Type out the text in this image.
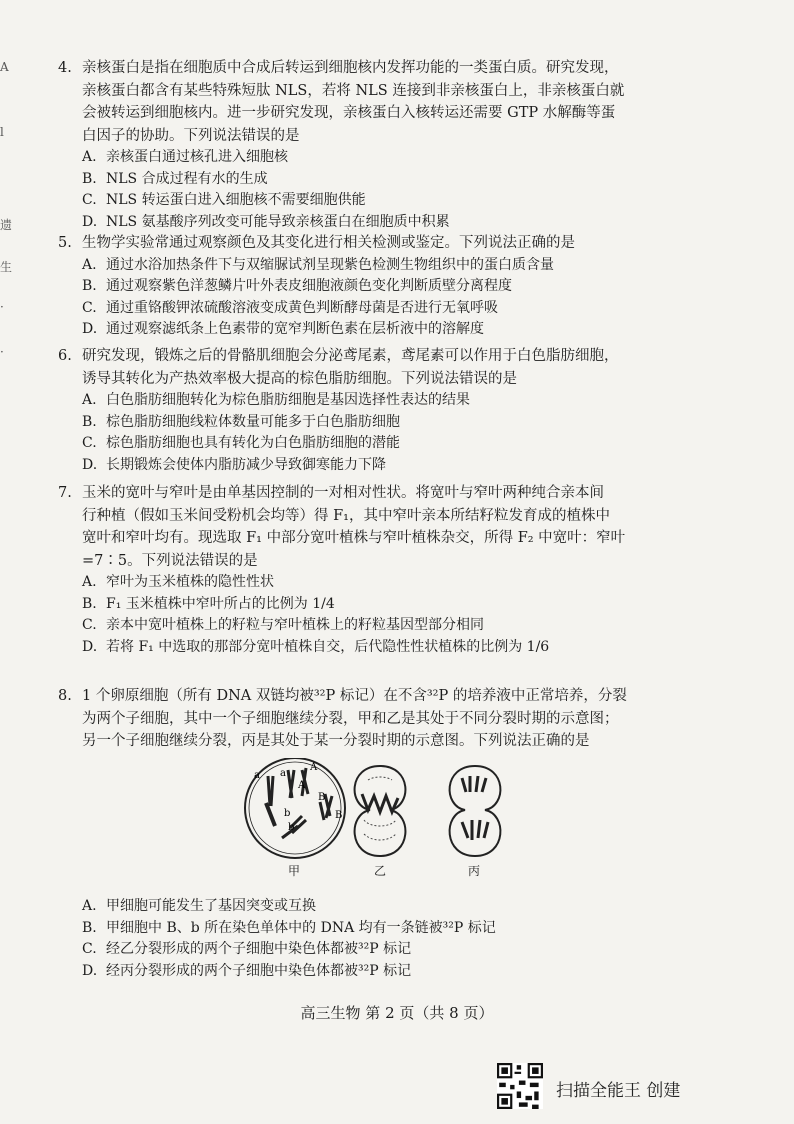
A
l
遗
生
·
·
4. 亲核蛋白是指在细胞质中合成后转运到细胞核内发挥功能的一类蛋白质。研究发现，
亲核蛋白都含有某些特殊短肽 NLS，若将 NLS 连接到非亲核蛋白上，非亲核蛋白就
会被转运到细胞核内。进一步研究发现，亲核蛋白入核转运还需要 GTP 水解酶等蛋
白因子的协助。下列说法错误的是
A. 亲核蛋白通过核孔进入细胞核
B. NLS 合成过程有水的生成
C. NLS 转运蛋白进入细胞核不需要细胞供能
D. NLS 氨基酸序列改变可能导致亲核蛋白在细胞质中积累
5. 生物学实验常通过观察颜色及其变化进行相关检测或鉴定。下列说法正确的是
A. 通过水浴加热条件下与双缩脲试剂呈现紫色检测生物组织中的蛋白质含量
B. 通过观察紫色洋葱鳞片叶外表皮细胞液颜色变化判断质壁分离程度
C. 通过重铬酸钾浓硫酸溶液变成黄色判断酵母菌是否进行无氧呼吸
D. 通过观察滤纸条上色素带的宽窄判断色素在层析液中的溶解度
6. 研究发现，锻炼之后的骨骼肌细胞会分泌鸢尾素，鸢尾素可以作用于白色脂肪细胞，
诱导其转化为产热效率极大提高的棕色脂肪细胞。下列说法错误的是
A. 白色脂肪细胞转化为棕色脂肪细胞是基因选择性表达的结果
B. 棕色脂肪细胞线粒体数量可能多于白色脂肪细胞
C. 棕色脂肪细胞也具有转化为白色脂肪细胞的潜能
D. 长期锻炼会使体内脂肪减少导致御寒能力下降
7. 玉米的宽叶与窄叶是由单基因控制的一对相对性状。将宽叶与窄叶两种纯合亲本间
行种植（假如玉米间受粉机会均等）得 F₁，其中窄叶亲本所结籽粒发育成的植株中
宽叶和窄叶均有。现选取 F₁ 中部分宽叶植株与窄叶植株杂交，所得 F₂ 中宽叶：窄叶
=7∶5。下列说法错误的是
A. 窄叶为玉米植株的隐性性状
B. F₁ 玉米植株中窄叶所占的比例为 1/4
C. 亲本中宽叶植株上的籽粒与窄叶植株上的籽粒基因型部分相同
D. 若将 F₁ 中选取的那部分宽叶植株自交，后代隐性性状植株的比例为 1/6
8. 1 个卵原细胞（所有 DNA 双链均被³²P 标记）在不含³²P 的培养液中正常培养，分裂
为两个子细胞，其中一个子细胞继续分裂，甲和乙是其处于不同分裂时期的示意图；
另一个子细胞继续分裂，丙是其处于某一分裂时期的示意图。下列说法正确的是
a a
A
A
b
b
B
B
甲	乙	丙
A. 甲细胞可能发生了基因突变或互换
B. 甲细胞中 B、b 所在染色单体中的 DNA 均有一条链被³²P 标记
C. 经乙分裂形成的两个子细胞中染色体都被³²P 标记
D. 经丙分裂形成的两个子细胞中染色体都被³²P 标记
高三生物 第 2 页（共 8 页）
扫描全能王 创建
